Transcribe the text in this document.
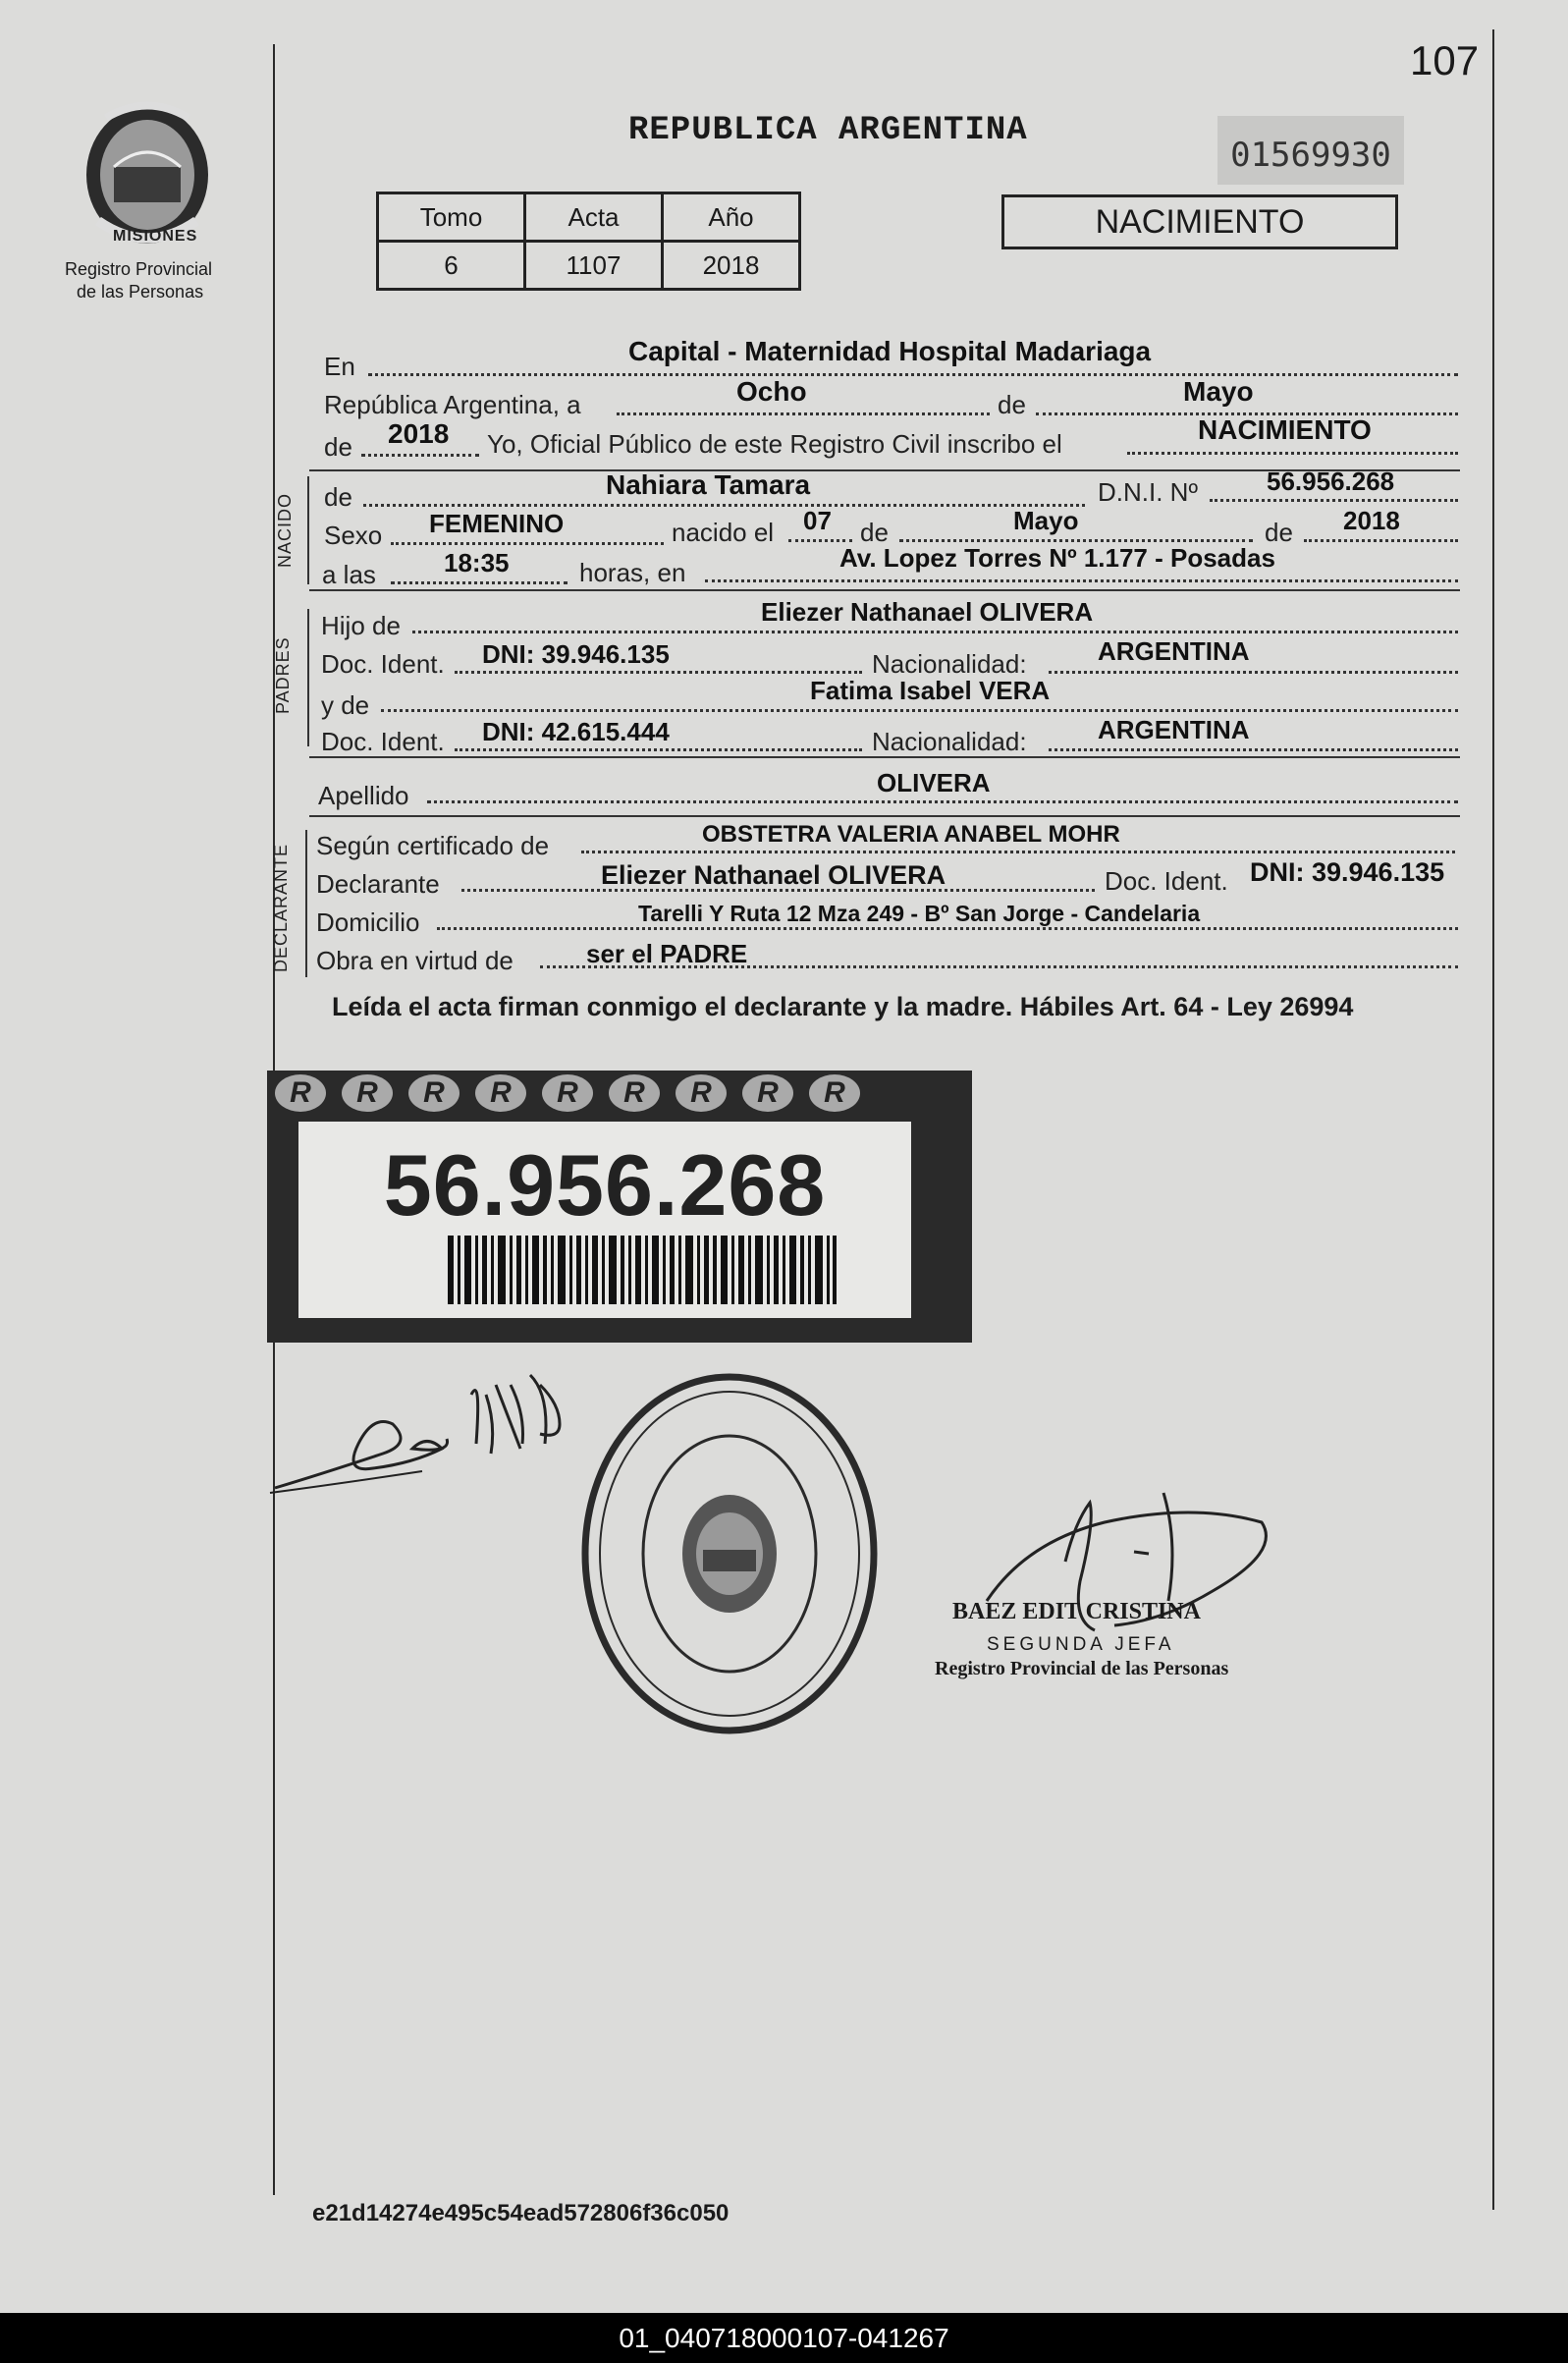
107
MISIONES
Registro Provincial
de las Personas
REPUBLICA ARGENTINA
01569930
Tomo	Acta	Año
6	1107	2018
NACIMIENTO
En	Capital - Maternidad Hospital Madariaga
República Argentina, a	Ocho	de	Mayo
de 2018 Yo, Oficial Público de este Registro Civil inscribo el	NACIMIENTO
NACIDO de	Nahiara Tamara	D.N.I. Nº	56.956.268
Sexo FEMENINO	nacido el 07 de	Mayo	de 2018
a las	18:35	horas, en	Av. Lopez Torres Nº 1.177 - Posadas
PADRES
Hijo de	Eliezer Nathanael OLIVERA
Doc. Ident. DNI: 39.946.135	Nacionalidad:	ARGENTINA
y de	Fatima Isabel VERA
Doc. Ident. DNI: 42.615.444	Nacionalidad:	ARGENTINA
Apellido	OLIVERA
DECLARANTE Según certificado de	OBSTETRA VALERIA ANABEL MOHR
Declarante	Eliezer Nathanael OLIVERA	Doc. Ident. DNI: 39.946.135
Domicilio	Tarelli Y Ruta 12 Mza 249 - Bº San Jorge - Candelaria
Obra en virtud de	ser el PADRE
Leída el acta firman conmigo el declarante y la madre. Hábiles Art. 64 - Ley 26994
R	R	R	R	R	R	R	R	R
56.956.268
BAEZ EDIT CRISTINA
SEGUNDA JEFA
Registro Provincial de las Personas
e21d14274e495c54ead572806f36c050
01_040718000107-041267
